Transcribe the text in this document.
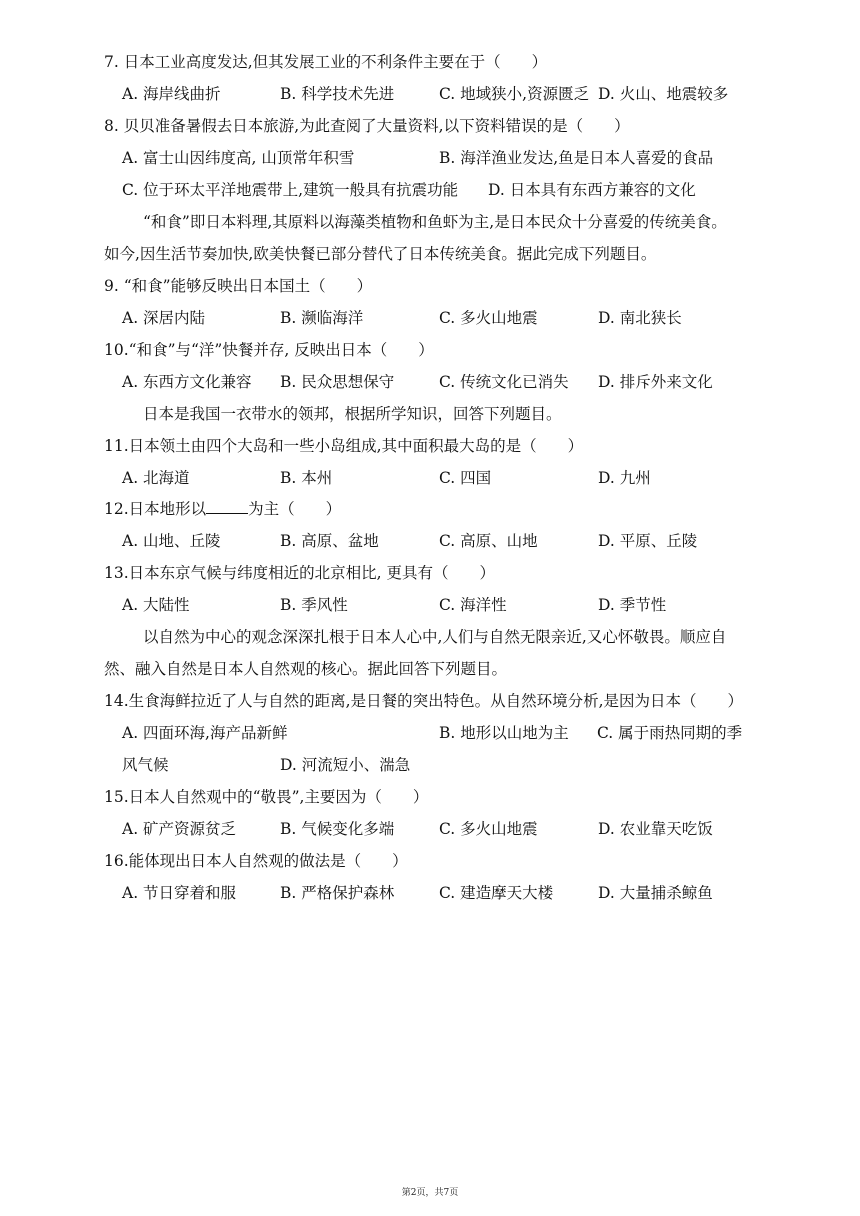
7. 日本工业高度发达,但其发展工业的不利条件主要在于（　　）
A. 海岸线曲折	B. 科学技术先进	C. 地域狭小,资源匮乏 D. 火山、地震较多
8. 贝贝准备暑假去日本旅游,为此查阅了大量资料,以下资料错误的是（　　）
A. 富士山因纬度高, 山顶常年积雪	B. 海洋渔业发达,鱼是日本人喜爱的食品
C. 位于环太平洋地震带上,建筑一般具有抗震功能 D. 日本具有东西方兼容的文化
“和食”即日本料理,其原料以海藻类植物和鱼虾为主,是日本民众十分喜爱的传统美食。
如今,因生活节奏加快,欧美快餐已部分替代了日本传统美食。据此完成下列题目。
9. “和食”能够反映出日本国土（　　）
A. 深居内陆	B. 濒临海洋	C. 多火山地震	D. 南北狭长
10.“和食”与“洋”快餐并存, 反映出日本（　　）
A. 东西方文化兼容 B. 民众思想保守	C. 传统文化已消失 D. 排斥外来文化
日本是我国一衣带水的领邦，根据所学知识，回答下列题目。
11.日本领土由四个大岛和一些小岛组成,其中面积最大岛的是（　　）
A. 北海道	B. 本州	C. 四国	D. 九州
12.日本地形以	为主（　　）
A. 山地、丘陵	B. 高原、盆地	C. 高原、山地	D. 平原、丘陵
13.日本东京气候与纬度相近的北京相比, 更具有（　　）
A. 大陆性	B. 季风性	C. 海洋性	D. 季节性
以自然为中心的观念深深扎根于日本人心中,人们与自然无限亲近,又心怀敬畏。顺应自
然、融入自然是日本人自然观的核心。据此回答下列题目。
14.生食海鲜拉近了人与自然的距离,是日餐的突出特色。从自然环境分析,是因为日本（　　）
A. 四面环海,海产品新鲜	B. 地形以山地为主 C. 属于雨热同期的季
风气候	D. 河流短小、湍急
15.日本人自然观中的“敬畏”,主要因为（　　）
A. 矿产资源贫乏	B. 气候变化多端	C. 多火山地震	D. 农业靠天吃饭
16.能体现出日本人自然观的做法是（　　）
A. 节日穿着和服	B. 严格保护森林	C. 建造摩天大楼	D. 大量捕杀鲸鱼
第2页，共7页
